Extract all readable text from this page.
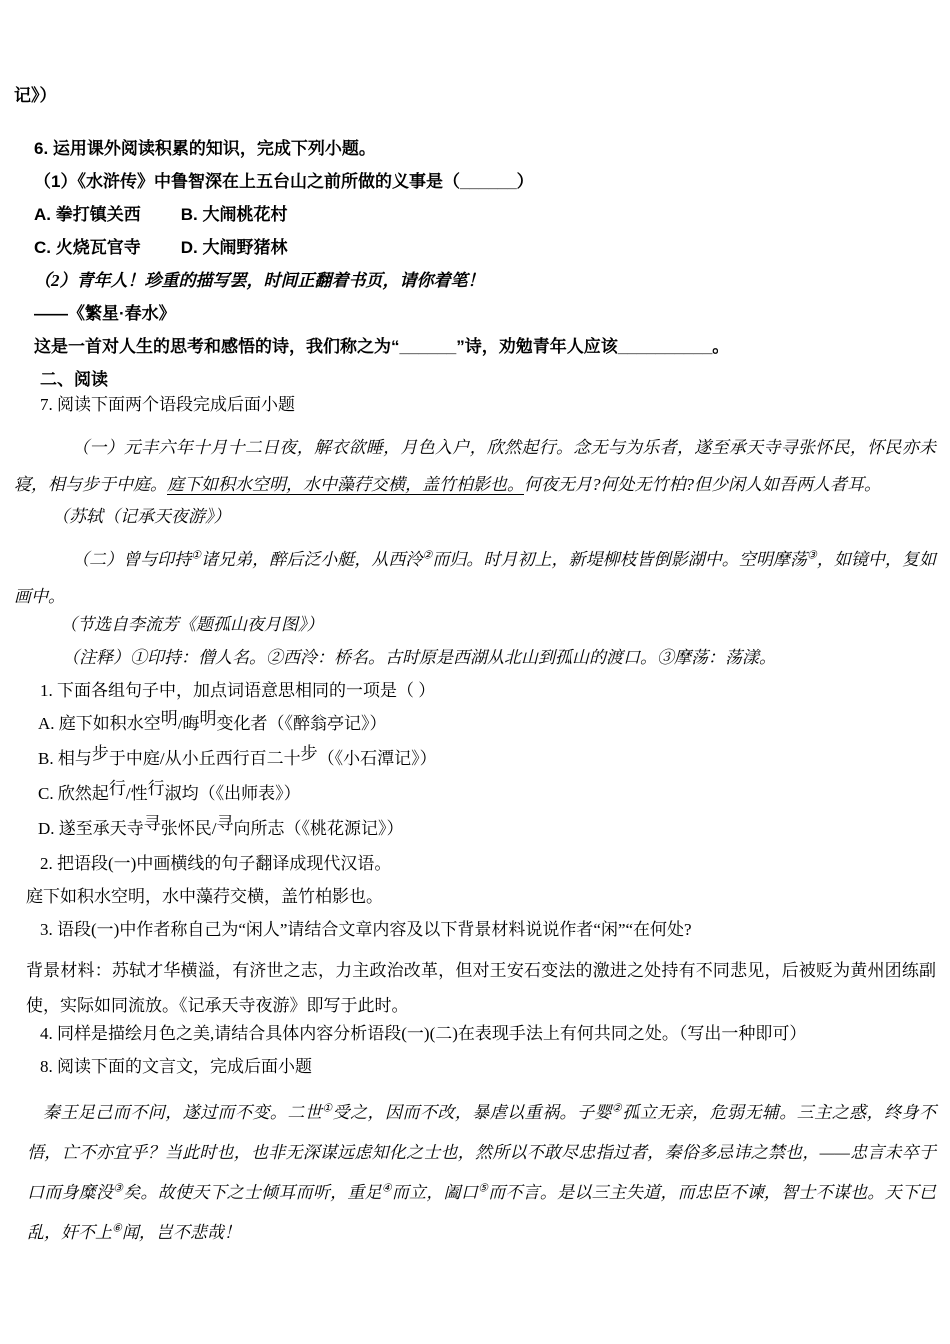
记》）

6. 运用课外阅读积累的知识，完成下列小题。

（1）《水浒传》中鲁智深在上五台山之前所做的义事是（______）

A. 拳打镇关西 B. 大闹桃花村

C. 火烧瓦官寺 D. 大闹野猪林

（2）青年人！珍重的描写罢，时间正翻着书页，请你着笔！

——《繁星·春水》

这是一首对人生的思考和感悟的诗，我们称之为“______”诗，劝勉青年人应该__________。

二、阅读

7. 阅读下面两个语段完成后面小题

（一）元丰六年十月十二日夜，解衣欲睡，月色入户，欣然起行。念无与为乐者，遂至承天寺寻张怀民，怀民亦未寝，相与步于中庭。庭下如积水空明，水中藻荇交横，盖竹柏影也。何夜无月?何处无竹柏?但少闲人如吾两人者耳。

（苏轼（记承天夜游》）

（二）曾与印持①诸兄弟，醉后泛小艇，从西泠②而归。时月初上，新堤柳枝皆倒影湖中。空明摩荡③，如镜中，复如画中。

（节选自李流芳《题孤山夜月图》）

（注释）①印持：僧人名。②西泠：桥名。古时原是西湖从北山到孤山的渡口。③摩荡：荡漾。

1. 下面各组句子中，加点词语意思相同的一项是（ ）

A. 庭下如积水空明/晦明变化者（《醉翁亭记》）

B. 相与步于中庭/从小丘西行百二十步（《小石潭记》）

C. 欣然起行/性行淑均（《出师表》）

D. 遂至承天寺寻张怀民/寻向所志（《桃花源记》）

2. 把语段(一)中画横线的句子翻译成现代汉语。

庭下如积水空明，水中藻荇交横，盖竹柏影也。

3. 语段(一)中作者称自己为“闲人”请结合文章内容及以下背景材料说说作者“闲”“在何处?

背景材料：苏轼才华横溢，有济世之志，力主政治改革，但对王安石变法的激进之处持有不同悲见，后被贬为黄州团练副使，实际如同流放。《记承天寺夜游》即写于此时。

4. 同样是描绘月色之美,请结合具体内容分析语段(一)(二)在表现手法上有何共同之处。（写出一种即可）

8. 阅读下面的文言文，完成后面小题

秦王足己而不问，遂过而不变。二世①受之，因而不改，暴虐以重祸。子婴②孤立无亲，危弱无辅。三主之惑，终身不悟，亡不亦宜乎？当此时也，也非无深谋远虑知化之士也，然所以不敢尽忠指过者，秦俗多忌讳之禁也，——忠言未卒于口而身糜没③矣。故使天下之士倾耳而听，重足④而立，阖口⑤而不言。是以三主失道，而忠臣不谏，智士不谋也。天下已乱，奸不上⑥闻，岂不悲哉！
